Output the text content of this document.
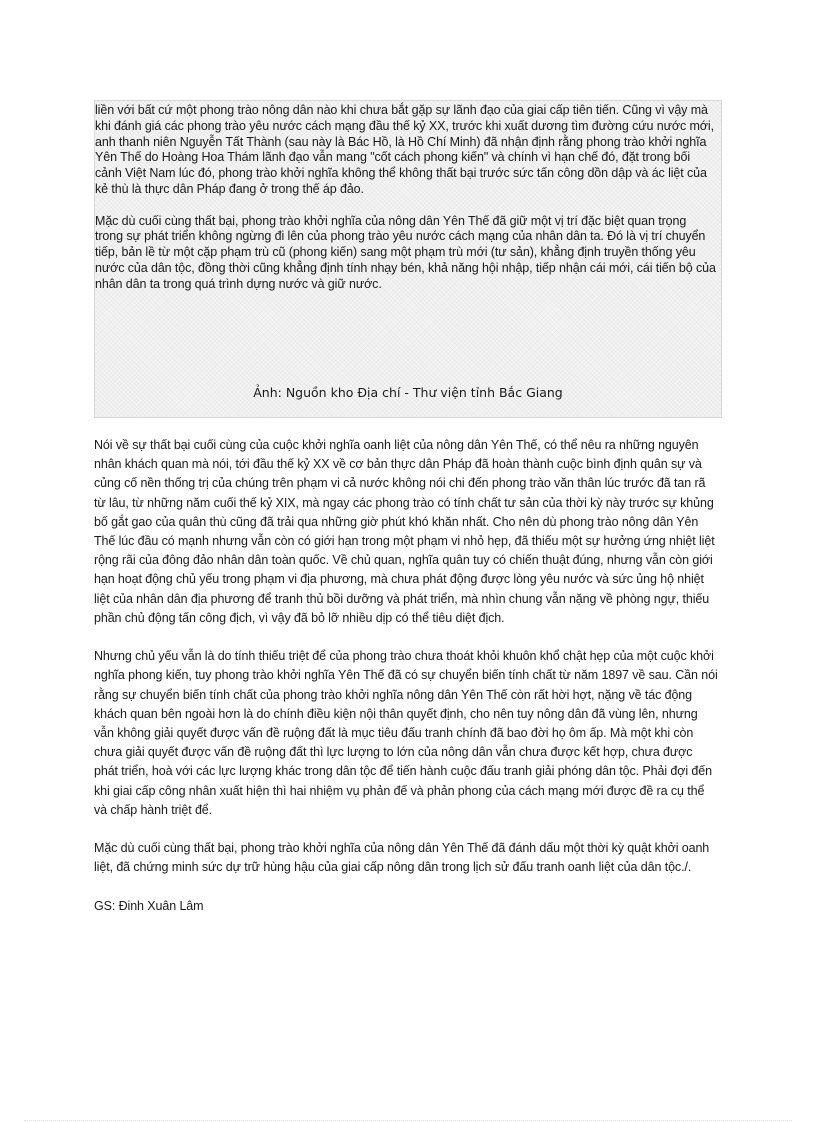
liền với bất cứ một phong trào nông dân nào khi chưa bắt gặp sự lãnh đạo của giai cấp tiên tiến. Cũng vì vậy mà khi đánh giá các phong trào yêu nước cách mạng đầu thế kỷ XX, trước khi xuất dương tìm đường cứu nước mới, anh thanh niên Nguyễn Tất Thành (sau này là Bác Hồ, là Hồ Chí Minh) đã nhận định rằng phong trào khởi nghĩa Yên Thế do Hoàng Hoa Thám lãnh đạo vẫn mang "cốt cách phong kiến" và chính vì hạn chế đó, đặt trong bối cảnh Việt Nam lúc đó, phong trào khởi nghĩa không thể không thất bại trước sức tấn công dồn dập và ác liệt của kẻ thù là thực dân Pháp đang ở trong thế áp đảo.

Mặc dù cuối cùng thất bại, phong trào khởi nghĩa của nông dân Yên Thế đã giữ một vị trí đặc biệt quan trọng trong sự phát triển không ngừng đi lên của phong trào yêu nước cách mạng của nhân dân ta. Đó là vị trí chuyển tiếp, bản lề từ một cặp phạm trù cũ (phong kiến) sang một phạm trù mới (tư sản), khẳng định truyền thống yêu nước của dân tộc, đồng thời cũng khẳng định tính nhạy bén, khả năng hội nhập, tiếp nhận cái mới, cái tiến bộ của nhân dân ta trong quá trình dựng nước và giữ nước.

Ảnh: Nguồn kho Địa chí - Thư viện tỉnh Bắc Giang

Nói về sự thất bại cuối cùng của cuộc khởi nghĩa oanh liệt của nông dân Yên Thế, có thể nêu ra những nguyên nhân khách quan mà nói, tới đầu thế kỷ XX về cơ bản thực dân Pháp đã hoàn thành cuộc bình định quân sự và củng cố nền thống trị của chúng trên phạm vi cả nước không nói chi đến phong trào văn thân lúc trước đã tan rã từ lâu, từ những năm cuối thế kỷ XIX, mà ngay các phong trào có tính chất tư sản của thời kỳ này trước sự khủng bố gắt gao của quân thù cũng đã trải qua những giờ phút khó khăn nhất. Cho nên dù phong trào nông dân Yên Thế lúc đầu có mạnh nhưng vẫn còn có giới hạn trong một phạm vi nhỏ hẹp, đã thiếu một sự hưởng ứng nhiệt liệt rộng rãi của đông đảo nhân dân toàn quốc. Về chủ quan, nghĩa quân tuy có chiến thuật đúng, nhưng vẫn còn giới hạn hoạt động chủ yếu trong phạm vi địa phương, mà chưa phát động được lòng yêu nước và sức ủng hộ nhiệt liệt của nhân dân địa phương để tranh thủ bồi dưỡng và phát triển, mà nhìn chung vẫn nặng về phòng ngự, thiếu phần chủ động tấn công địch, vì vậy đã bỏ lỡ nhiều dịp có thể tiêu diệt địch.

Nhưng chủ yếu vẫn là do tính thiếu triệt để của phong trào chưa thoát khỏi khuôn khổ chật hẹp của một cuộc khởi nghĩa phong kiến, tuy phong trào khởi nghĩa Yên Thế đã có sự chuyển biến tính chất từ năm 1897 về sau. Cần nói rằng sự chuyển biến tính chất của phong trào khởi nghĩa nông dân Yên Thế còn rất hời hợt, nặng về tác động khách quan bên ngoài hơn là do chính điều kiện nội thân quyết định, cho nên tuy nông dân đã vùng lên, nhưng vẫn không giải quyết được vấn đề ruộng đất là mục tiêu đấu tranh chính đã bao đời họ ôm ấp. Mà một khi còn chưa giải quyết được vấn đề ruộng đất thì lực lượng to lớn của nông dân vẫn chưa được kết hợp, chưa được phát triển, hoà với các lực lượng khác trong dân tộc để tiến hành cuộc đấu tranh giải phóng dân tộc. Phải đợi đến khi giai cấp công nhân xuất hiện thì hai nhiệm vụ phản đế và phản phong của cách mạng mới được đề ra cụ thể và chấp hành triệt để.

Mặc dù cuối cùng thất bại, phong trào khởi nghĩa của nông dân Yên Thế đã đánh dấu một thời kỳ quật khởi oanh liệt, đã chứng minh sức dự trữ hùng hậu của giai cấp nông dân trong lịch sử đấu tranh oanh liệt của dân tộc./.

GS: Đinh Xuân Lâm
